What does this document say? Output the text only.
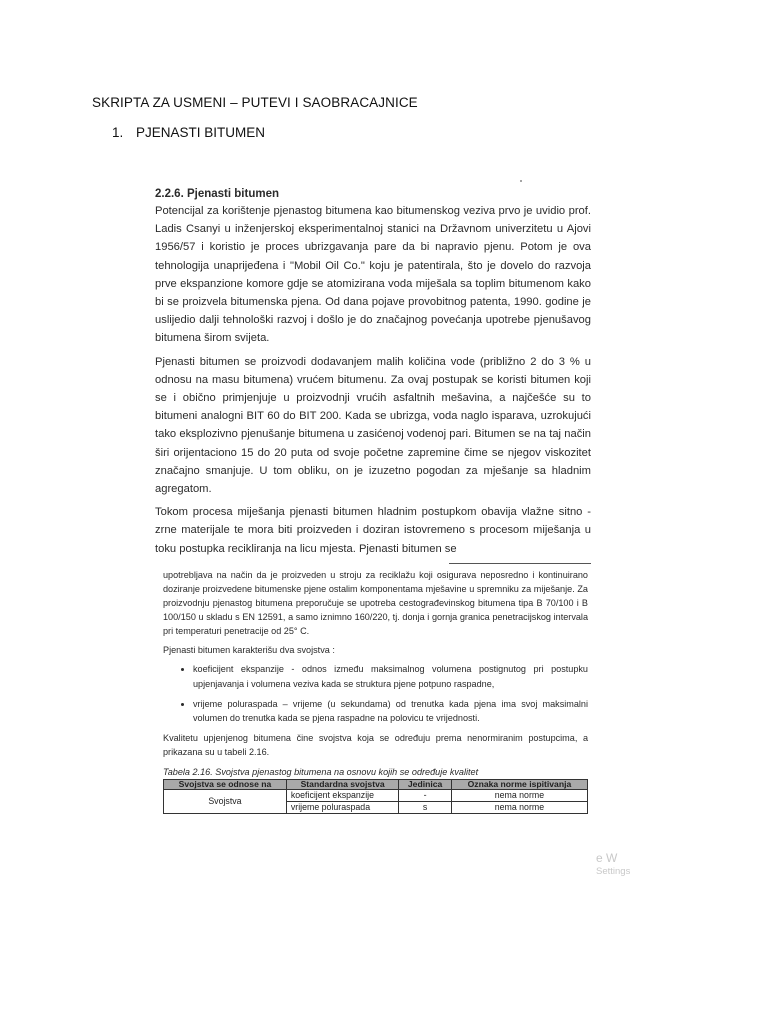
SKRIPTA ZA USMENI – PUTEVI I SAOBRACAJNICE
1. PJENASTI BITUMEN
2.2.6. Pjenasti bitumen

Potencijal za korištenje pjenastog bitumena kao bitumenskog veziva prvo je uvidio prof. Ladis Csanyi u inženjerskoj eksperimentalnoj stanici na Državnom univerzitetu u Ajovi 1956/57 i koristio je proces ubrizgavanja pare da bi napravio pjenu. Potom je ova tehnologija unaprijeđena i "Mobil Oil Co." koju je patentirala, što je dovelo do razvoja prve ekspanzione komore gdje se atomizirana voda miješala sa toplim bitumenom kako bi se proizvela bitumenska pjena. Od dana pojave provobitnog patenta, 1990. godine je uslijedio dalji tehnološki razvoj i došlo je do značajnog povećanja upotrebe pjenušavog bitumena širom svijeta.

Pjenasti bitumen se proizvodi dodavanjem malih količina vode (približno 2 do 3 % u odnosu na masu bitumena) vrućem bitumenu. Za ovaj postupak se koristi bitumen koji se i obično primjenjuje u proizvodnji vrućih asfaltnih mešavina, a najčešće su to bitumeni analogni BIT 60 do BIT 200. Kada se ubrizga, voda naglo isparava, uzrokujući tako eksplozivno pjenušanje bitumena u zasićenoj vodenoj pari. Bitumen se na taj način širi orijentaciono 15 do 20 puta od svoje početne zapremine čime se njegov viskozitet značajno smanjuje. U tom obliku, on je izuzetno pogodan za mješanje sa hladnim agregatom.

Tokom procesa miješanja pjenasti bitumen hladnim postupkom obavija vlažne sitno - zrne materijale te mora biti proizveden i doziran istovremeno s procesom miješanja u toku postupka recikliranja na licu mjesta. Pjenasti bitumen se

upotrebljava na način da je proizveden u stroju za reciklažu koji osigurava neposredno i kontinuirano doziranje proizvedene bitumenske pjene ostalim komponentama mješavine u spremniku za miješanje. Za proizvodnju pjenastog bitumena preporučuje se upotreba cestograđevinskog bitumena tipa B 70/100 i B 100/150 u skladu s EN 12591, a samo iznimno 160/220, tj. donja i gornja granica penetracijskog intervala pri temperaturi penetracije od 25° C.

Pjenasti bitumen karakterišu dva svojstva :

• koeficijent ekspanzije - odnos između maksimalnog volumena postignutog pri postupku upjenjavanja i volumena veziva kada se struktura pjene potpuno raspadne,
• vrijeme poluraspada – vrijeme (u sekundama) od trenutka kada pjena ima svoj maksimalni volumen do trenutka kada se pjena raspadne na polovicu te vrijednosti.

Kvalitetu upjenjenog bitumena čine svojstva koja se određuju prema nenormiranim postupcima, a prikazana su u tabeli 2.16.

Tabela 2.16. Svojstva pjenastog bitumena na osnovu kojih se određuje kvalitet
Svojstva se odnose na	Standardna svojstva	Jedinica	Oznaka norme ispitivanja
Svojstva	koeficijent ekspanzije	-	nema norme
	vrijeme poluraspada	s	nema norme
e W
Settings
